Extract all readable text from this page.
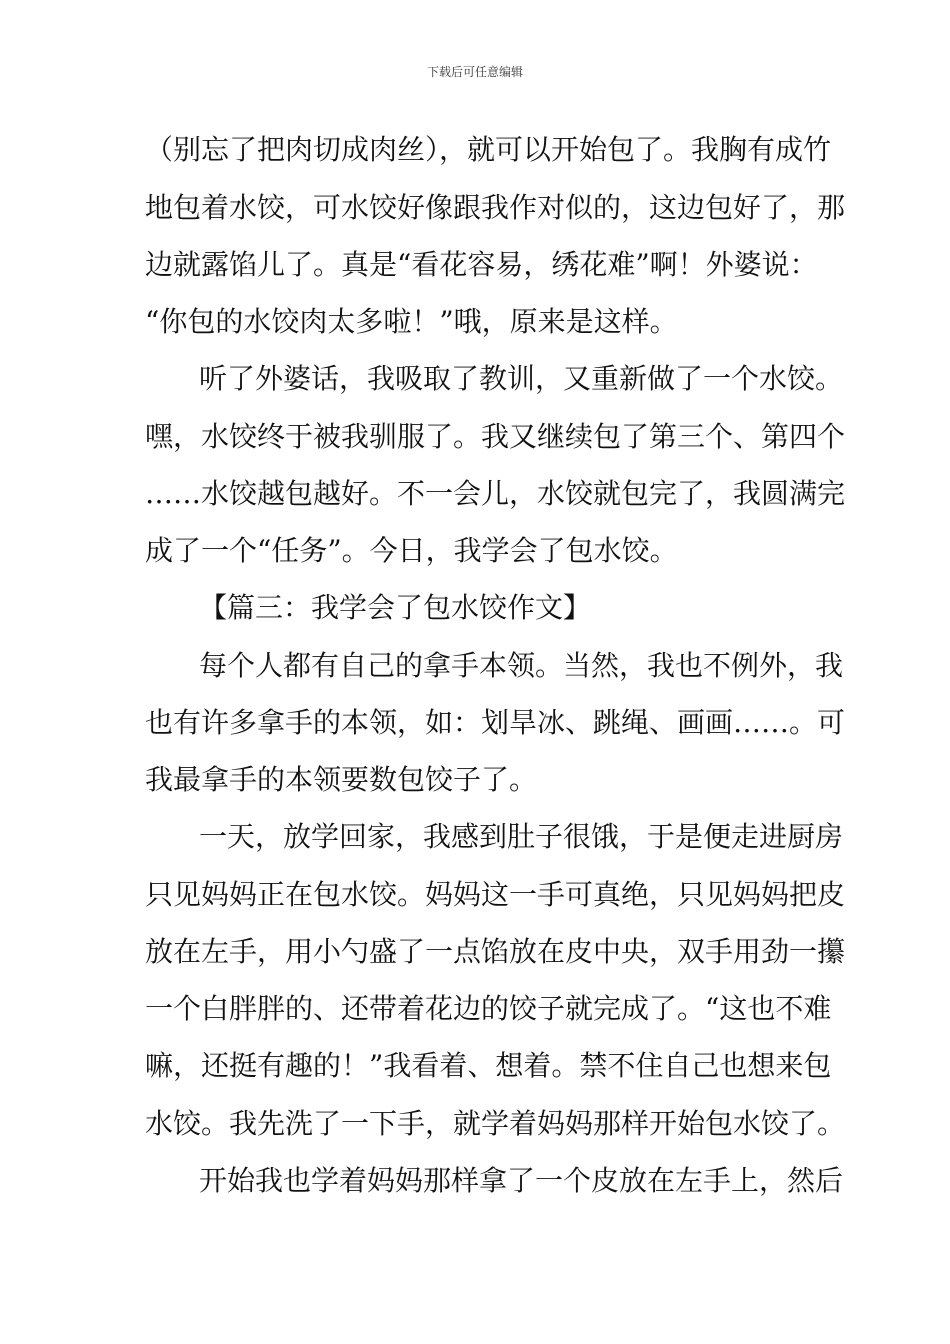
下载后可任意编辑
（别忘了把肉切成肉丝），就可以开始包了。我胸有成竹
地包着水饺，可水饺好像跟我作对似的，这边包好了，那
边就露馅儿了。真是“看花容易，绣花难”啊！外婆说：
“你包的水饺肉太多啦！”哦，原来是这样。
听了外婆话，我吸取了教训，又重新做了一个水饺。
嘿，水饺终于被我驯服了。我又继续包了第三个、第四个
……水饺越包越好。不一会儿，水饺就包完了，我圆满完
成了一个“任务”。今日，我学会了包水饺。
【篇三：我学会了包水饺作文】
每个人都有自己的拿手本领。当然，我也不例外，我
也有许多拿手的本领，如：划旱冰、跳绳、画画……。可
我最拿手的本领要数包饺子了。
一天，放学回家，我感到肚子很饿，于是便走进厨房
只见妈妈正在包水饺。妈妈这一手可真绝，只见妈妈把皮
放在左手，用小勺盛了一点馅放在皮中央，双手用劲一攥
一个白胖胖的、还带着花边的饺子就完成了。“这也不难
嘛，还挺有趣的！”我看着、想着。禁不住自己也想来包
水饺。我先洗了一下手，就学着妈妈那样开始包水饺了。
开始我也学着妈妈那样拿了一个皮放在左手上，然后
